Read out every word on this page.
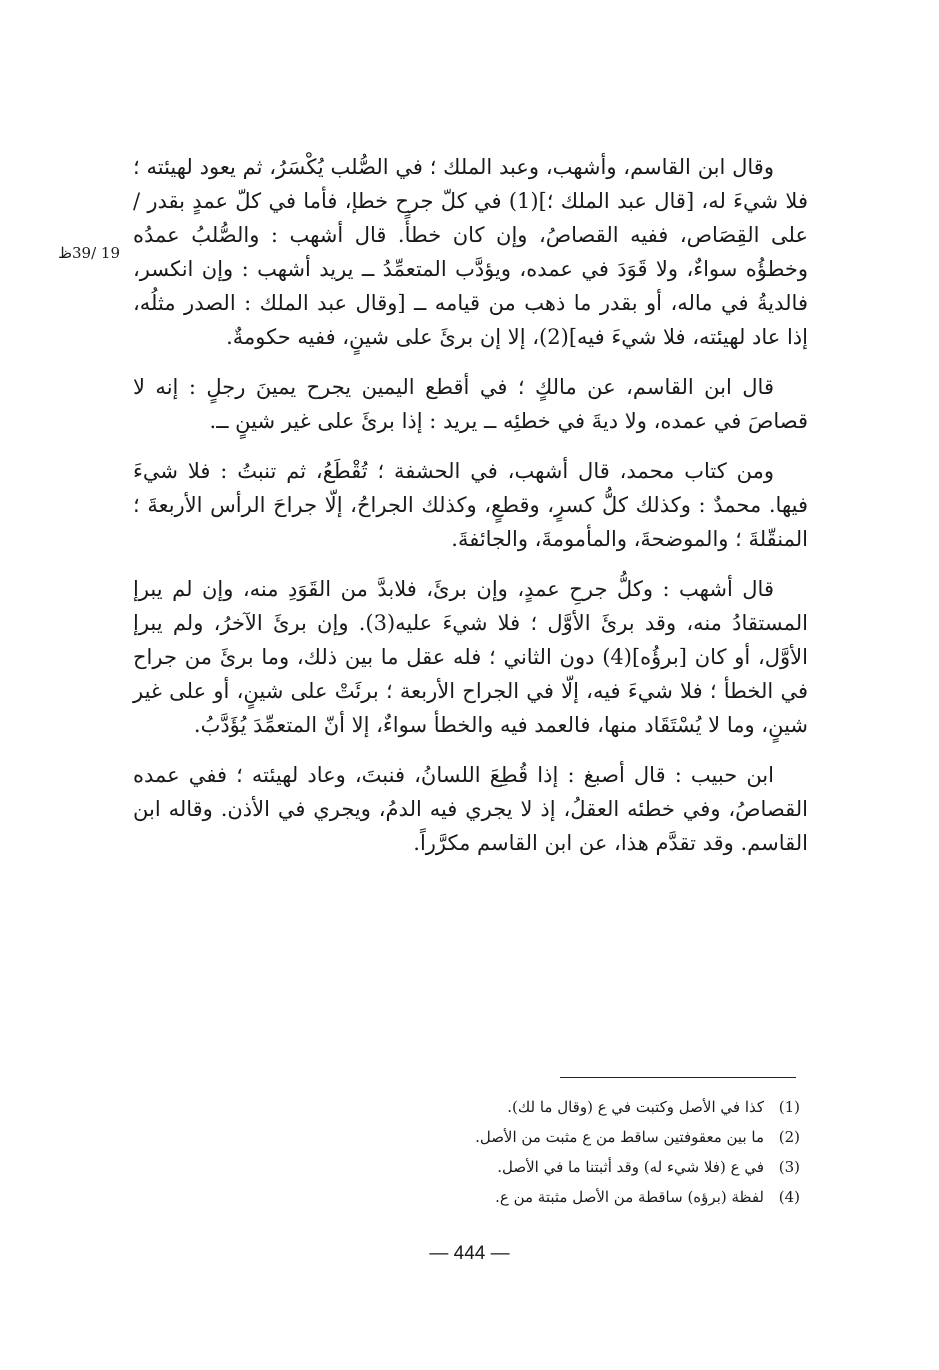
19 /39ظ

وقال ابن القاسم، وأشهب، وعبد الملك ؛ في الصُّلب يُكْسَرُ، ثم يعود لهيئته ؛ فلا شيءَ له، [قال عبد الملك ؛](1) في كلّ جرح خطإ، فأما في كلّ عمدٍ بقدر / على القِصَاص، ففيه القصاصُ، وإن كان خطأً. قال أشهب : والصُّلبُ عمدُه وخطؤُه سواءٌ، ولا قَوَدَ في عمده، ويؤدَّب المتعمِّدُ ــ يريد أشهب : وإن انكسر، فالديةُ في ماله، أو بقدر ما ذهب من قيامه ــ [وقال عبد الملك : الصدر مثلُه، إذا عاد لهيئته، فلا شيءَ فيه](2)، إلا إن برئَ على شينٍ، ففيه حكومةٌ.

قال ابن القاسم، عن مالكٍ ؛ في أقطع اليمين يجرح يمينَ رجلٍ : إنه لا قصاصَ في عمده، ولا ديةَ في خطئِه ــ يريد : إذا برئَ على غير شينٍ ــ.

ومن كتاب محمد، قال أشهب، في الحشفة ؛ تُقْطَعُ، ثم تنبتُ : فلا شيءَ فيها. محمدٌ : وكذلك كلُّ كسرٍ، وقطعٍ، وكذلك الجراحُ، إلّا جراحَ الرأس الأربعةَ ؛ المنقّلةَ ؛ والموضحةَ، والمأمومةَ، والجائفةَ.

قال أشهب : وكلُّ جرحِ عمدٍ، وإن برئَ، فلابدَّ من القَوَدِ منه، وإن لم يبرإ المستقادُ منه، وقد برئَ الأوَّل ؛ فلا شيءَ عليه(3). وإن برئَ الآخرُ، ولم يبرإ الأوَّل، أو كان [برؤُه](4) دون الثاني ؛ فله عقل ما بين ذلك، وما برئَ من جراح في الخطأ ؛ فلا شيءَ فيه، إلّا في الجراح الأربعة ؛ برئَتْ على شينٍ، أو على غير شينٍ، وما لا يُسْتَقَاد منها، فالعمد فيه والخطأ سواءٌ، إلا أنّ المتعمِّدَ يُؤَدَّبُ.

ابن حبيب : قال أصبغ : إذا قُطِعَ اللسانُ، فنبتَ، وعاد لهيئته ؛ ففي عمده القصاصُ، وفي خطئه العقلُ، إذ لا يجري فيه الدمُ، ويجري في الأذن. وقاله ابن القاسم. وقد تقدَّم هذا، عن ابن القاسم مكرَّراً.

(1)
كذا في الأصل وكتبت في ع (وقال ما لك).
(2)
ما بين معقوفتين ساقط من ع مثبت من الأصل.
(3)
في ع (فلا شيء له) وقد أثبتنا ما في الأصل.
(4)
لفظة (برؤه) ساقطة من الأصل مثبتة من ع.
— 444 —
